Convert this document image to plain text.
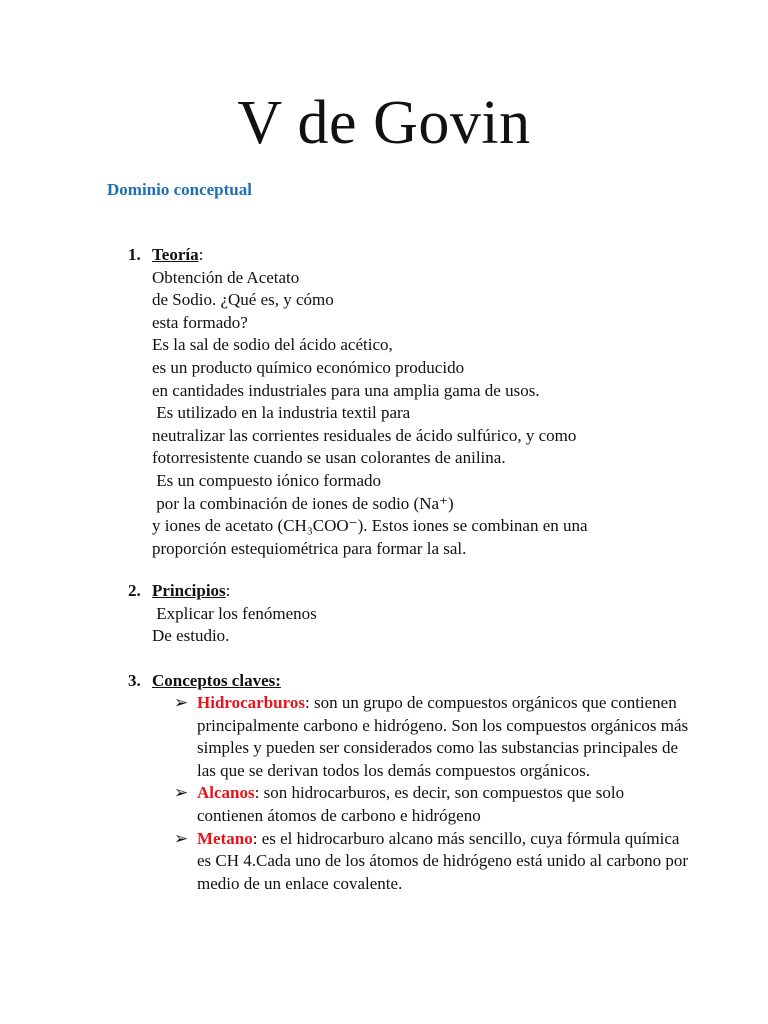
V de Govin
Dominio conceptual
1. Teoría:
Obtención de Acetato
de Sodio. ¿Qué es, y cómo
esta formado?
Es la sal de sodio del ácido acético,
es un producto químico económico producido
en cantidades industriales para una amplia gama de usos.
Es utilizado en la industria textil para
neutralizar las corrientes residuales de ácido sulfúrico, y como
fotorresistente cuando se usan colorantes de anilina.
Es un compuesto iónico formado
por la combinación de iones de sodio (Na⁺)
y iones de acetato (CH₃COO⁻). Estos iones se combinan en una
proporción estequiométrica para formar la sal.
2. Principios:
Explicar los fenómenos
De estudio.
3. Conceptos claves:
➢ Hidrocarburos: son un grupo de compuestos orgánicos que contienen principalmente carbono e hidrógeno. Son los compuestos orgánicos más simples y pueden ser considerados como las substancias principales de las que se derivan todos los demás compuestos orgánicos.
➢ Alcanos: son hidrocarburos, es decir, son compuestos que solo contienen átomos de carbono e hidrógeno
➢ Metano: es el hidrocarburo alcano más sencillo, cuya fórmula química es CH 4.Cada uno de los átomos de hidrógeno está unido al carbono por medio de un enlace covalente.
